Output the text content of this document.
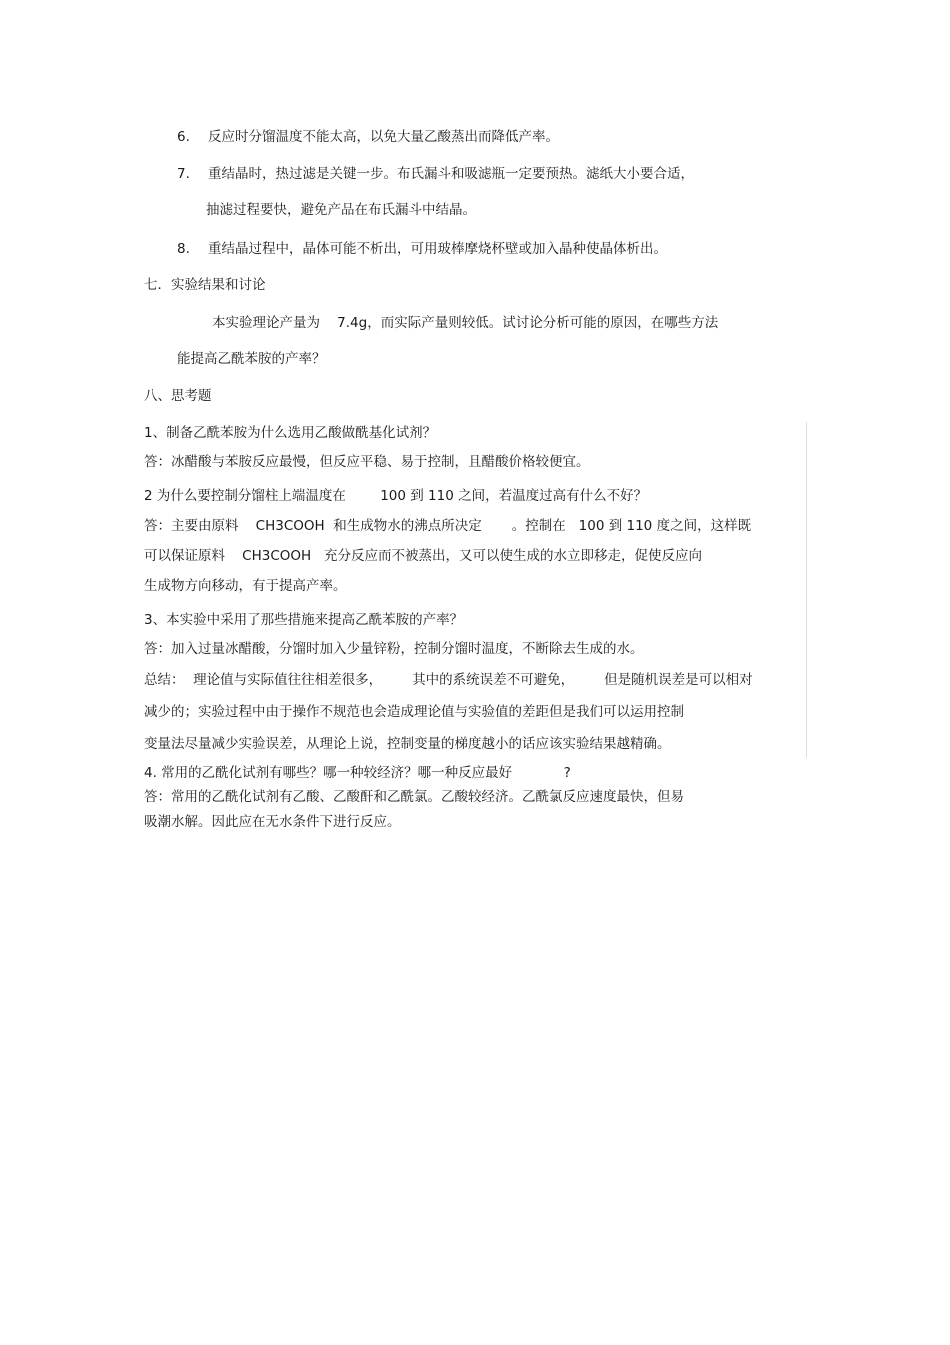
6. 反应时分馏温度不能太高，以免大量乙酸蒸出而降低产率。
7. 重结晶时，热过滤是关键一步。布氏漏斗和吸滤瓶一定要预热。滤纸大小要合适，
抽滤过程要快，避免产品在布氏漏斗中结晶。
8. 重结晶过程中，晶体可能不析出，可用玻棒摩烧杯壁或加入晶种使晶体析出。
七．实验结果和讨论
本实验理论产量为    7.4g，而实际产量则较低。试讨论分析可能的原因，在哪些方法
能提高乙酰苯胺的产率？
八、思考题
1、制备乙酰苯胺为什么选用乙酸做酰基化试剂？
答：冰醋酸与苯胺反应最慢，但反应平稳、易于控制，且醋酸价格较便宜。
2 为什么要控制分馏柱上端温度在        100 到 110 之间，若温度过高有什么不好？
答：主要由原料    CH3COOH  和生成物水的沸点所决定       。控制在   100 到 110 度之间，这样既
可以保证原料    CH3COOH   充分反应而不被蒸出，又可以使生成的水立即移走，促使反应向
生成物方向移动，有于提高产率。
3、本实验中采用了那些措施来提高乙酰苯胺的产率？
答：加入过量冰醋酸，分馏时加入少量锌粉，控制分馏时温度，不断除去生成的水。
总结：  理论值与实际值往往相差很多，       其中的系统误差不可避免，       但是随机误差是可以相对
减少的；实验过程中由于操作不规范也会造成理论值与实验值的差距但是我们可以运用控制
变量法尽量减少实验误差，从理论上说，控制变量的梯度越小的话应该实验结果越精确。
4. 常用的乙酰化试剂有哪些？哪一种较经济？哪一种反应最好            ?
答：常用的乙酰化试剂有乙酸、乙酸酐和乙酰氯。乙酸较经济。乙酰氯反应速度最快，但易
吸潮水解。因此应在无水条件下进行反应。
